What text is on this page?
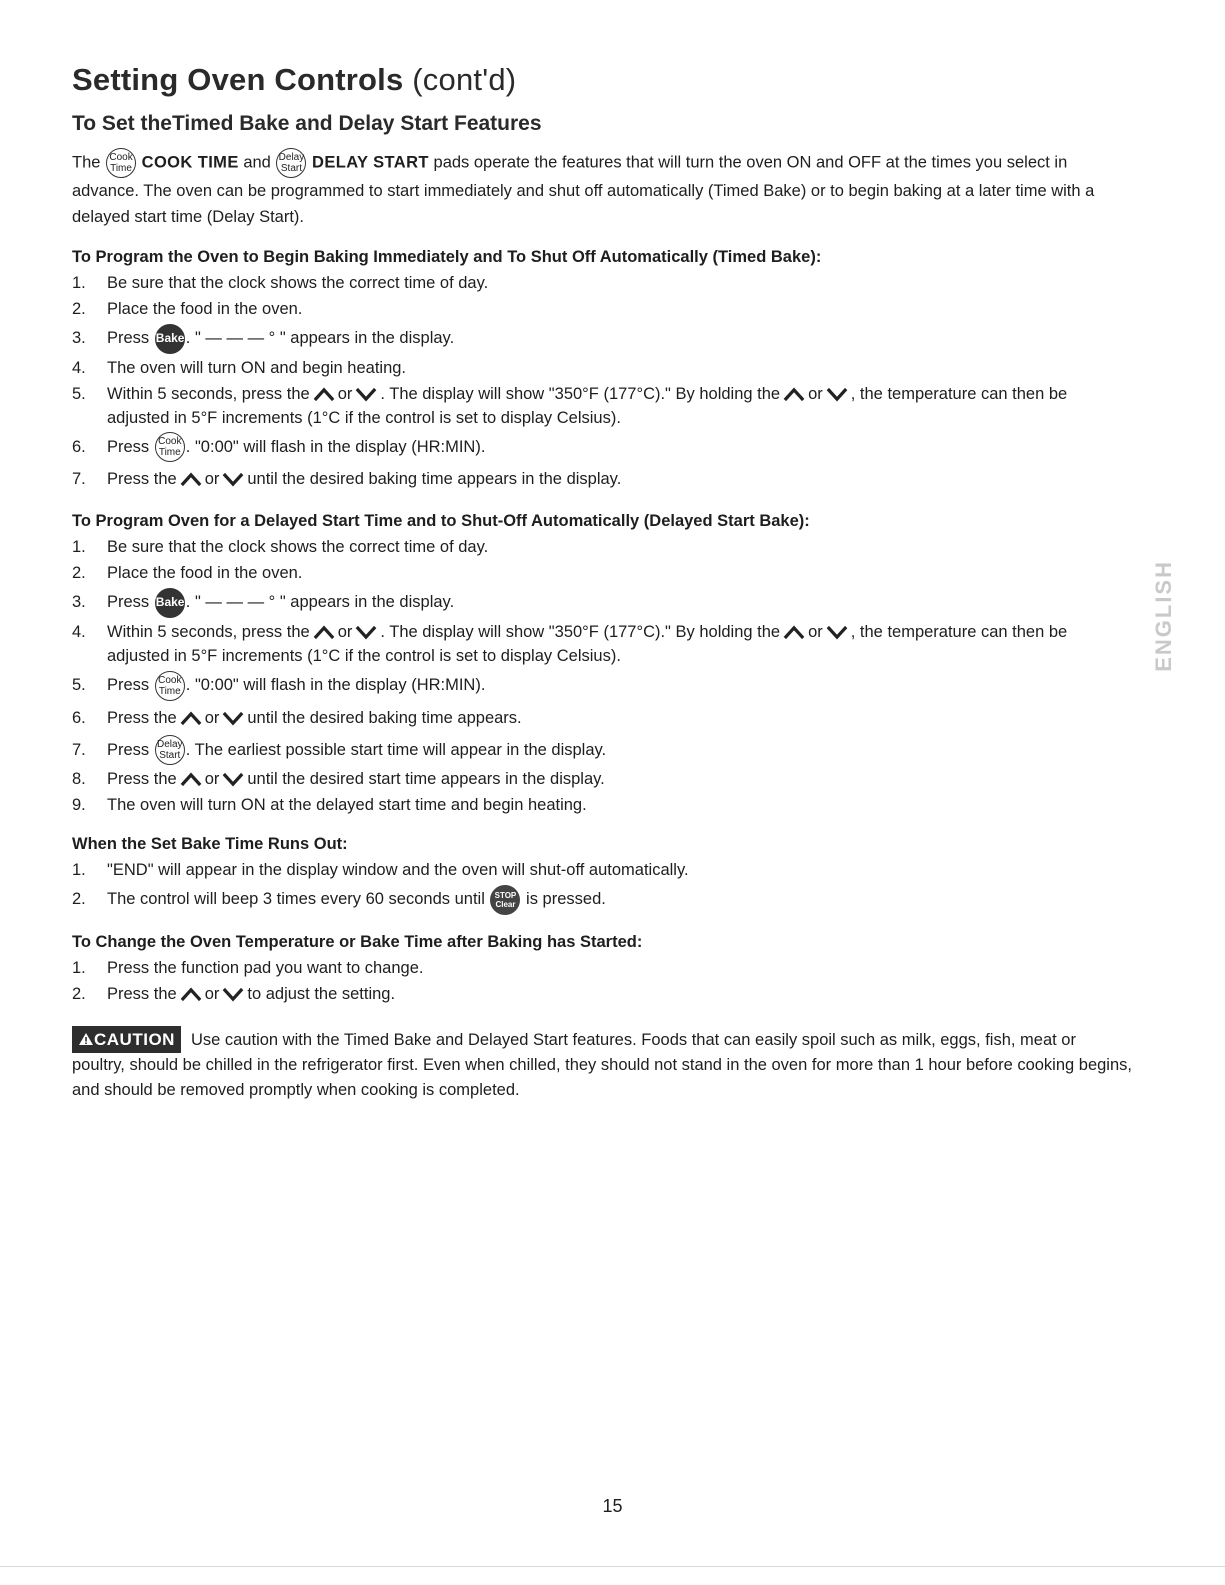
Setting Oven Controls (cont'd)
To Set theTimed Bake and Delay Start Features

The Cook Time COOK TIME and Delay Start DELAY START pads operate the features that will turn the oven ON and OFF at the times you select in advance. The oven can be programmed to start immediately and shut off automatically (Timed Bake) or to begin baking at a later time with a delayed start time (Delay Start).

To Program the Oven to Begin Baking Immediately and To Shut Off Automatically (Timed Bake):
1. Be sure that the clock shows the correct time of day.
2. Place the food in the oven.
3. Press Bake. " — — — ° " appears in the display.
4. The oven will turn ON and begin heating.
5. Within 5 seconds, press the or . The display will show "350°F (177°C)." By holding the or , the temperature can then be adjusted in 5°F increments (1°C if the control is set to display Celsius).
6. Press Cook Time . "0:00" will flash in the display (HR:MIN).
7. Press the or until the desired baking time appears in the display.
To Program Oven for a Delayed Start Time and to Shut-Off Automatically (Delayed Start Bake):
1. Be sure that the clock shows the correct time of day.
2. Place the food in the oven.
3. Press Bake. " — — — ° " appears in the display.
4. Within 5 seconds, press the or . The display will show "350°F (177°C)." By holding the or , the temperature can then be adjusted in 5°F increments (1°C if the control is set to display Celsius).
5. Press Cook Time . "0:00" will flash in the display (HR:MIN).
6. Press the or until the desired baking time appears.
7. Press Delay Start . The earliest possible start time will appear in the display.
8. Press the or until the desired start time appears in the display.
9. The oven will turn ON at the delayed start time and begin heating.
When the Set Bake Time Runs Out:
1. "END" will appear in the display window and the oven will shut-off automatically.
2. The control will beep 3 times every 60 seconds until STOP Clear is pressed.
To Change the Oven Temperature or Bake Time after Baking has Started:
1. Press the function pad you want to change.
2. Press the or to adjust the setting.

CAUTION Use caution with the Timed Bake and Delayed Start features. Foods that can easily spoil such as milk, eggs, fish, meat or poultry, should be chilled in the refrigerator first. Even when chilled, they should not stand in the oven for more than 1 hour before cooking begins, and should be removed promptly when cooking is completed.

ENGLISH
15
